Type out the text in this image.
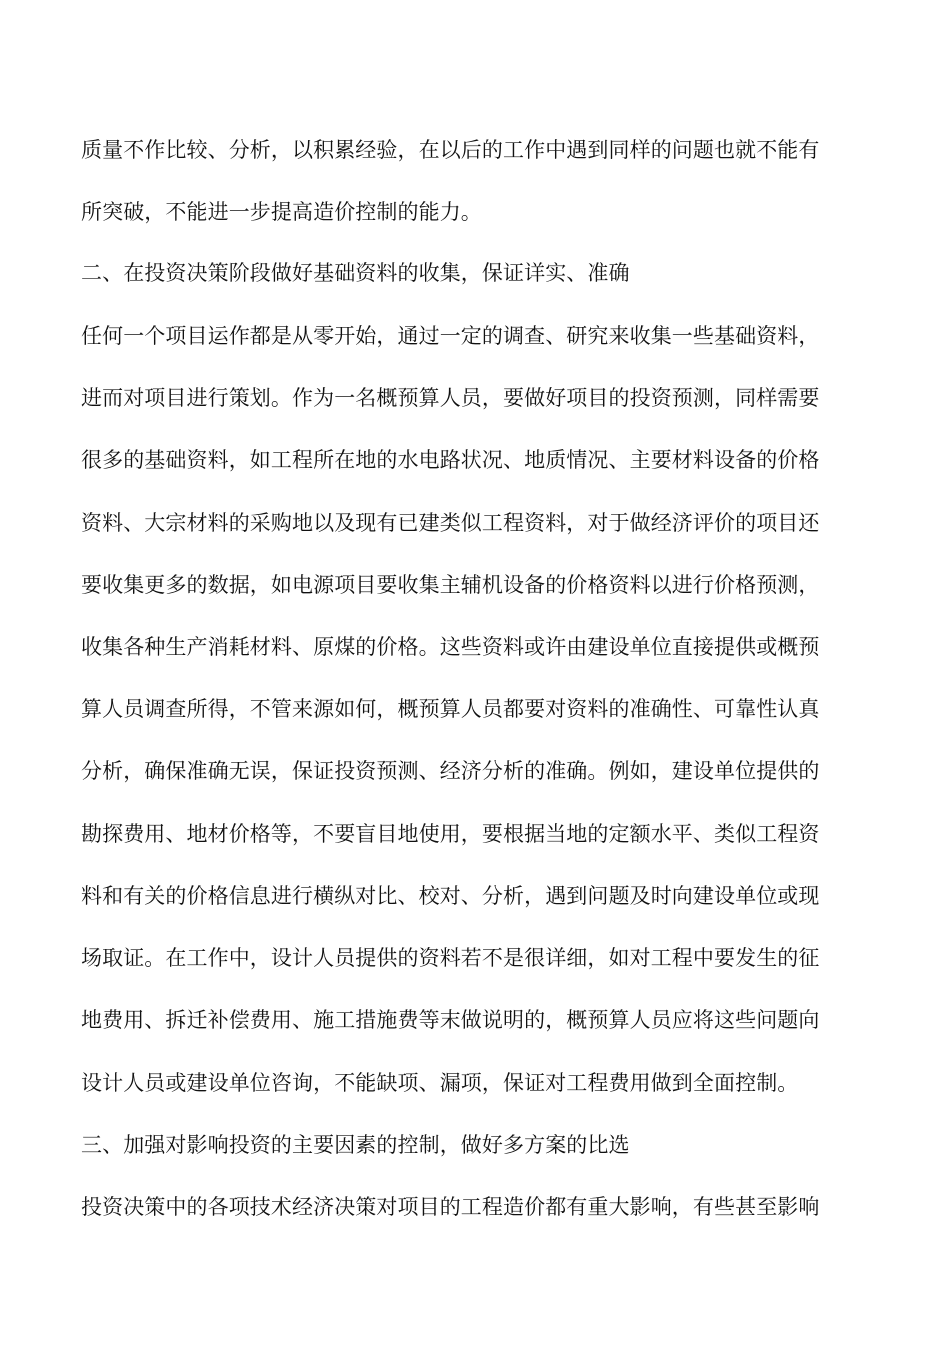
质量不作比较、分析，以积累经验，在以后的工作中遇到同样的问题也就不能有
所突破，不能进一步提高造价控制的能力。
二、在投资决策阶段做好基础资料的收集，保证详实、准确
任何一个项目运作都是从零开始，通过一定的调查、研究来收集一些基础资料，
进而对项目进行策划。作为一名概预算人员，要做好项目的投资预测，同样需要
很多的基础资料，如工程所在地的水电路状况、地质情况、主要材料设备的价格
资料、大宗材料的采购地以及现有已建类似工程资料，对于做经济评价的项目还
要收集更多的数据，如电源项目要收集主辅机设备的价格资料以进行价格预测，
收集各种生产消耗材料、原煤的价格。这些资料或许由建设单位直接提供或概预
算人员调查所得，不管来源如何，概预算人员都要对资料的准确性、可靠性认真
分析，确保准确无误，保证投资预测、经济分析的准确。例如，建设单位提供的
勘探费用、地材价格等，不要盲目地使用，要根据当地的定额水平、类似工程资
料和有关的价格信息进行横纵对比、校对、分析，遇到问题及时向建设单位或现
场取证。在工作中，设计人员提供的资料若不是很详细，如对工程中要发生的征
地费用、拆迁补偿费用、施工措施费等末做说明的，概预算人员应将这些问题向
设计人员或建设单位咨询，不能缺项、漏项，保证对工程费用做到全面控制。
三、加强对影响投资的主要因素的控制，做好多方案的比选
投资决策中的各项技术经济决策对项目的工程造价都有重大影响，有些甚至影响
